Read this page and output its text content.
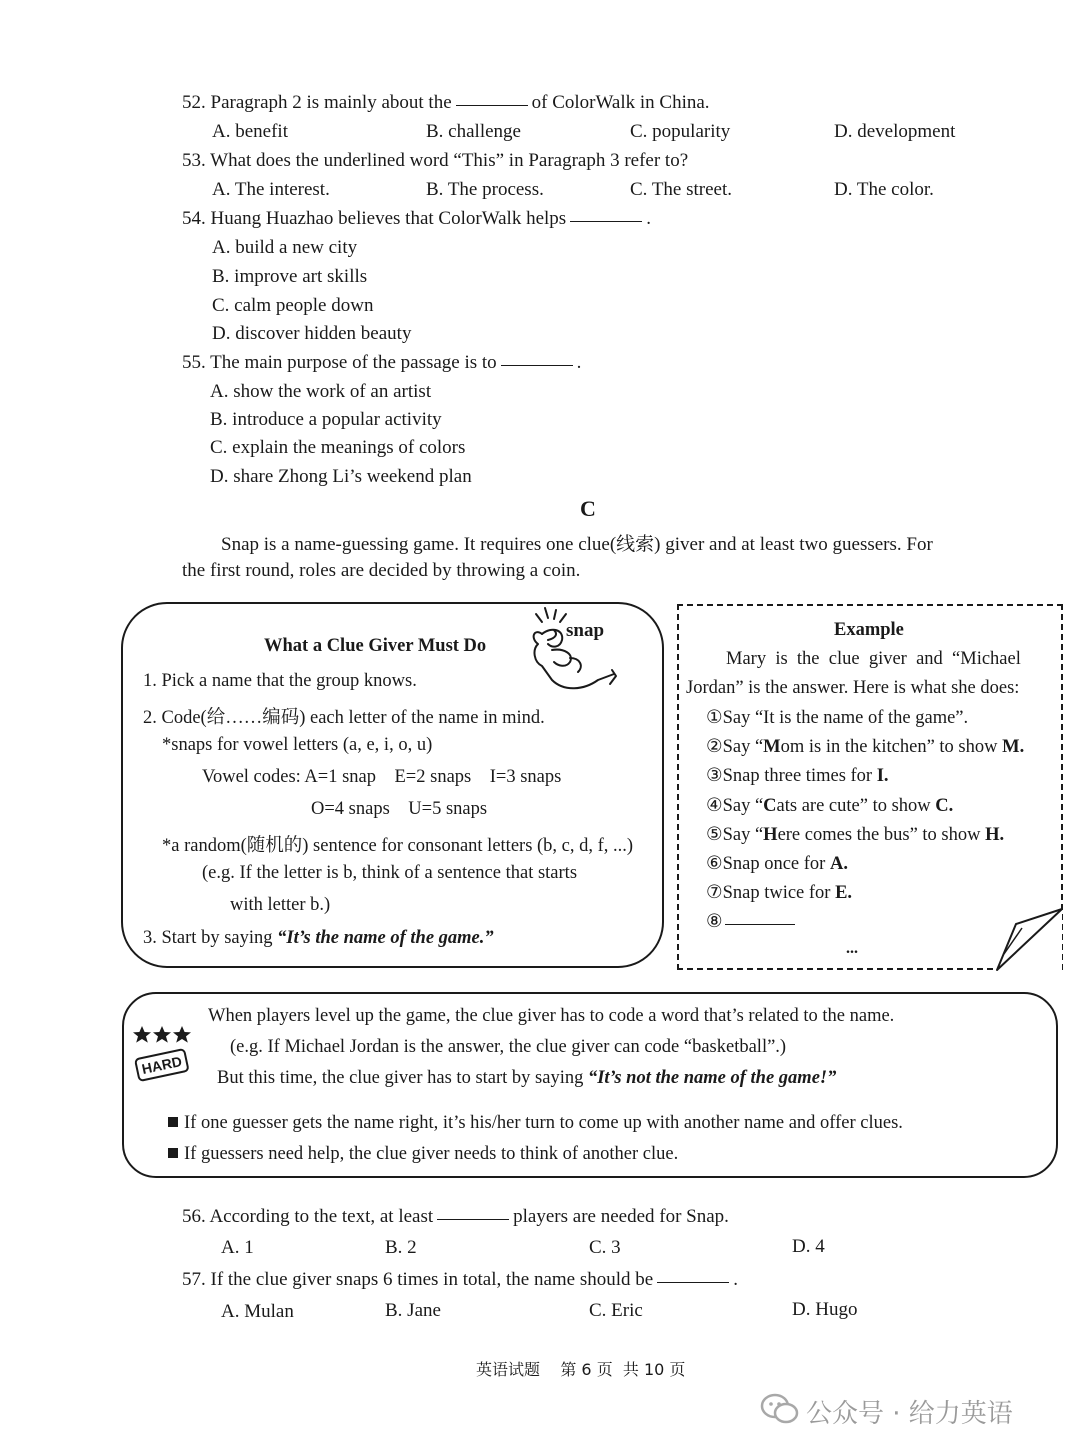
52. Paragraph 2 is mainly about the	of ColorWalk in China.
A. benefit	B. challenge	C. popularity	D. development
53. What does the underlined word “This” in Paragraph 3 refer to?
A. The interest.	B. The process.	C. The street.	D. The color.
54. Huang Huazhao believes that ColorWalk helps	.
A. build a new city
B. improve art skills
C. calm people down
D. discover hidden beauty
55. The main purpose of the passage is to	.
A. show the work of an artist
B. introduce a popular activity
C. explain the meanings of colors
D. share Zhong Li’s weekend plan
C
Snap is a name-guessing game. It requires one clue(线索) giver and at least two guessers. For
the first round, roles are decided by throwing a coin.
What a Clue Giver Must Do
snap
1. Pick a name that the group knows.
2. Code(给……编码) each letter of the name in mind.
*snaps for vowel letters (a, e, i, o, u)
Vowel codes: A=1 snap    E=2 snaps    I=3 snaps
O=4 snaps    U=5 snaps
*a random(随机的) sentence for consonant letters (b, c, d, f, ...)
(e.g. If the letter is b, think of a sentence that starts
with letter b.)
3. Start by saying “It’s the name of the game.”
Example
Mary  is  the  clue  giver  and  “Michael
Jordan” is the answer. Here is what she does:
①Say “It is the name of the game”.
②Say “Mom is in the kitchen” to show M.
③Snap three times for I.
④Say “Cats are cute” to show C.
⑤Say “Here comes the bus” to show H.
⑥Snap once for A.
⑦Snap twice for E.
⑧
...
HARD
When players level up the game, the clue giver has to code a word that’s related to the name.
(e.g. If Michael Jordan is the answer, the clue giver can code “basketball”.)
But this time, the clue giver has to start by saying “It’s not the name of the game!”
If one guesser gets the name right, it’s his/her turn to come up with another name and offer clues.
If guessers need help, the clue giver needs to think of another clue.
56. According to the text, at least	players are needed for Snap.
A. 1	B. 2	C. 3	D. 4
57. If the clue giver snaps 6 times in total, the name should be	.
A. Mulan	B. Jane	C. Eric	D. Hugo
英语试题    第 6 页  共 10 页
公众号 · 给力英语
